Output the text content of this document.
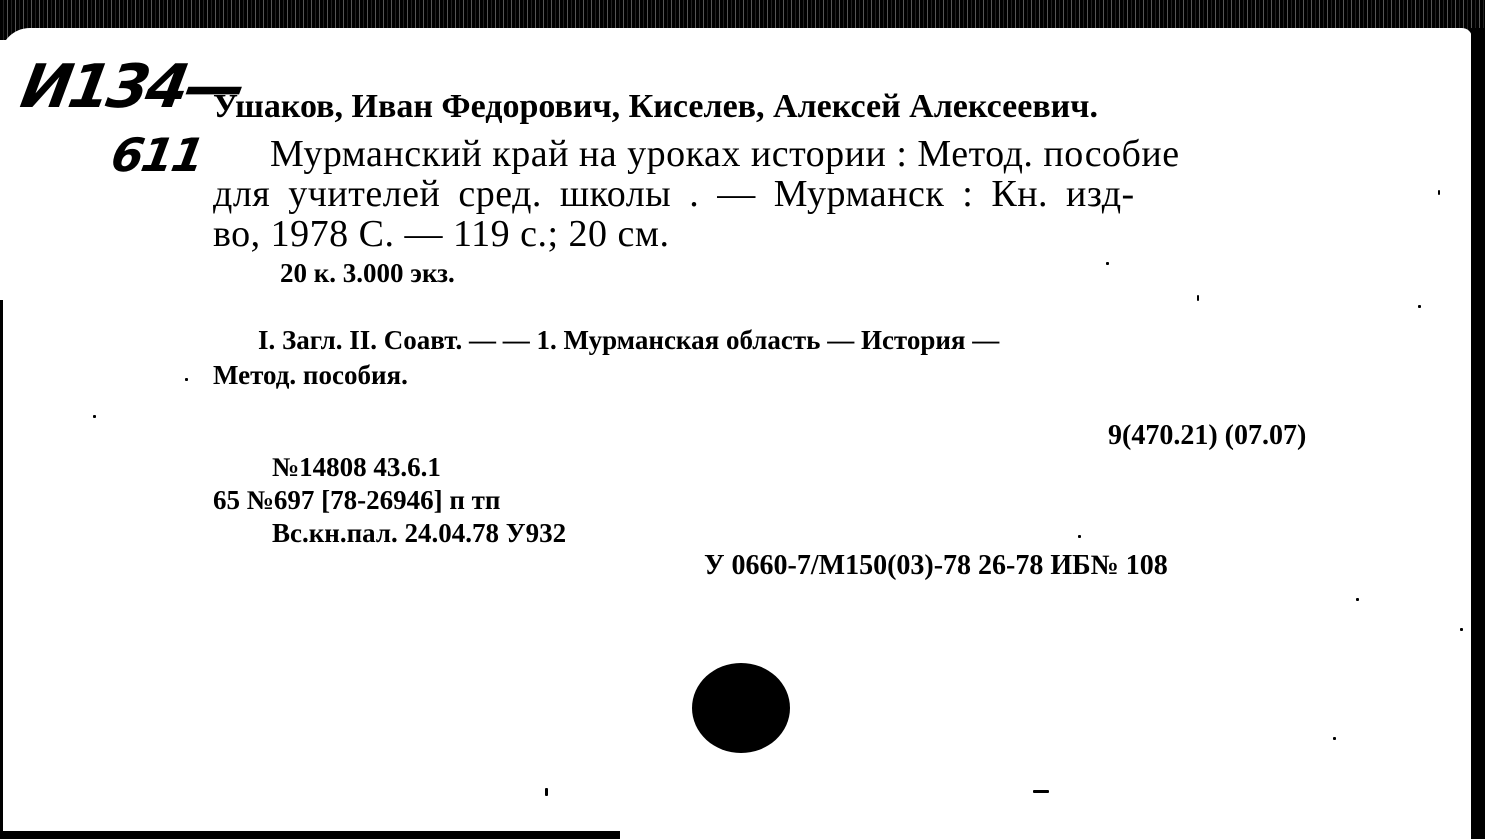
И134—
611
Ушаков, Иван Федорович, Киселев, Алексей Алексеевич.
Мурманский край на уроках истории : Метод. пособие
для учителей сред. школы . — Мурманск : Кн. изд-
во, 1978 С. — 119 с.; 20 см.
20 к. 3.000 экз.
I. Загл. II. Соавт. — — 1. Мурманская область — История —
Метод. пособия.
9(470.21) (07.07)
№14808 43.6.1
65 №697 [78-26946] п тп
Вс.кн.пал. 24.04.78 У932
У 0660-7/М150(03)-78 26-78 ИБ№ 108
